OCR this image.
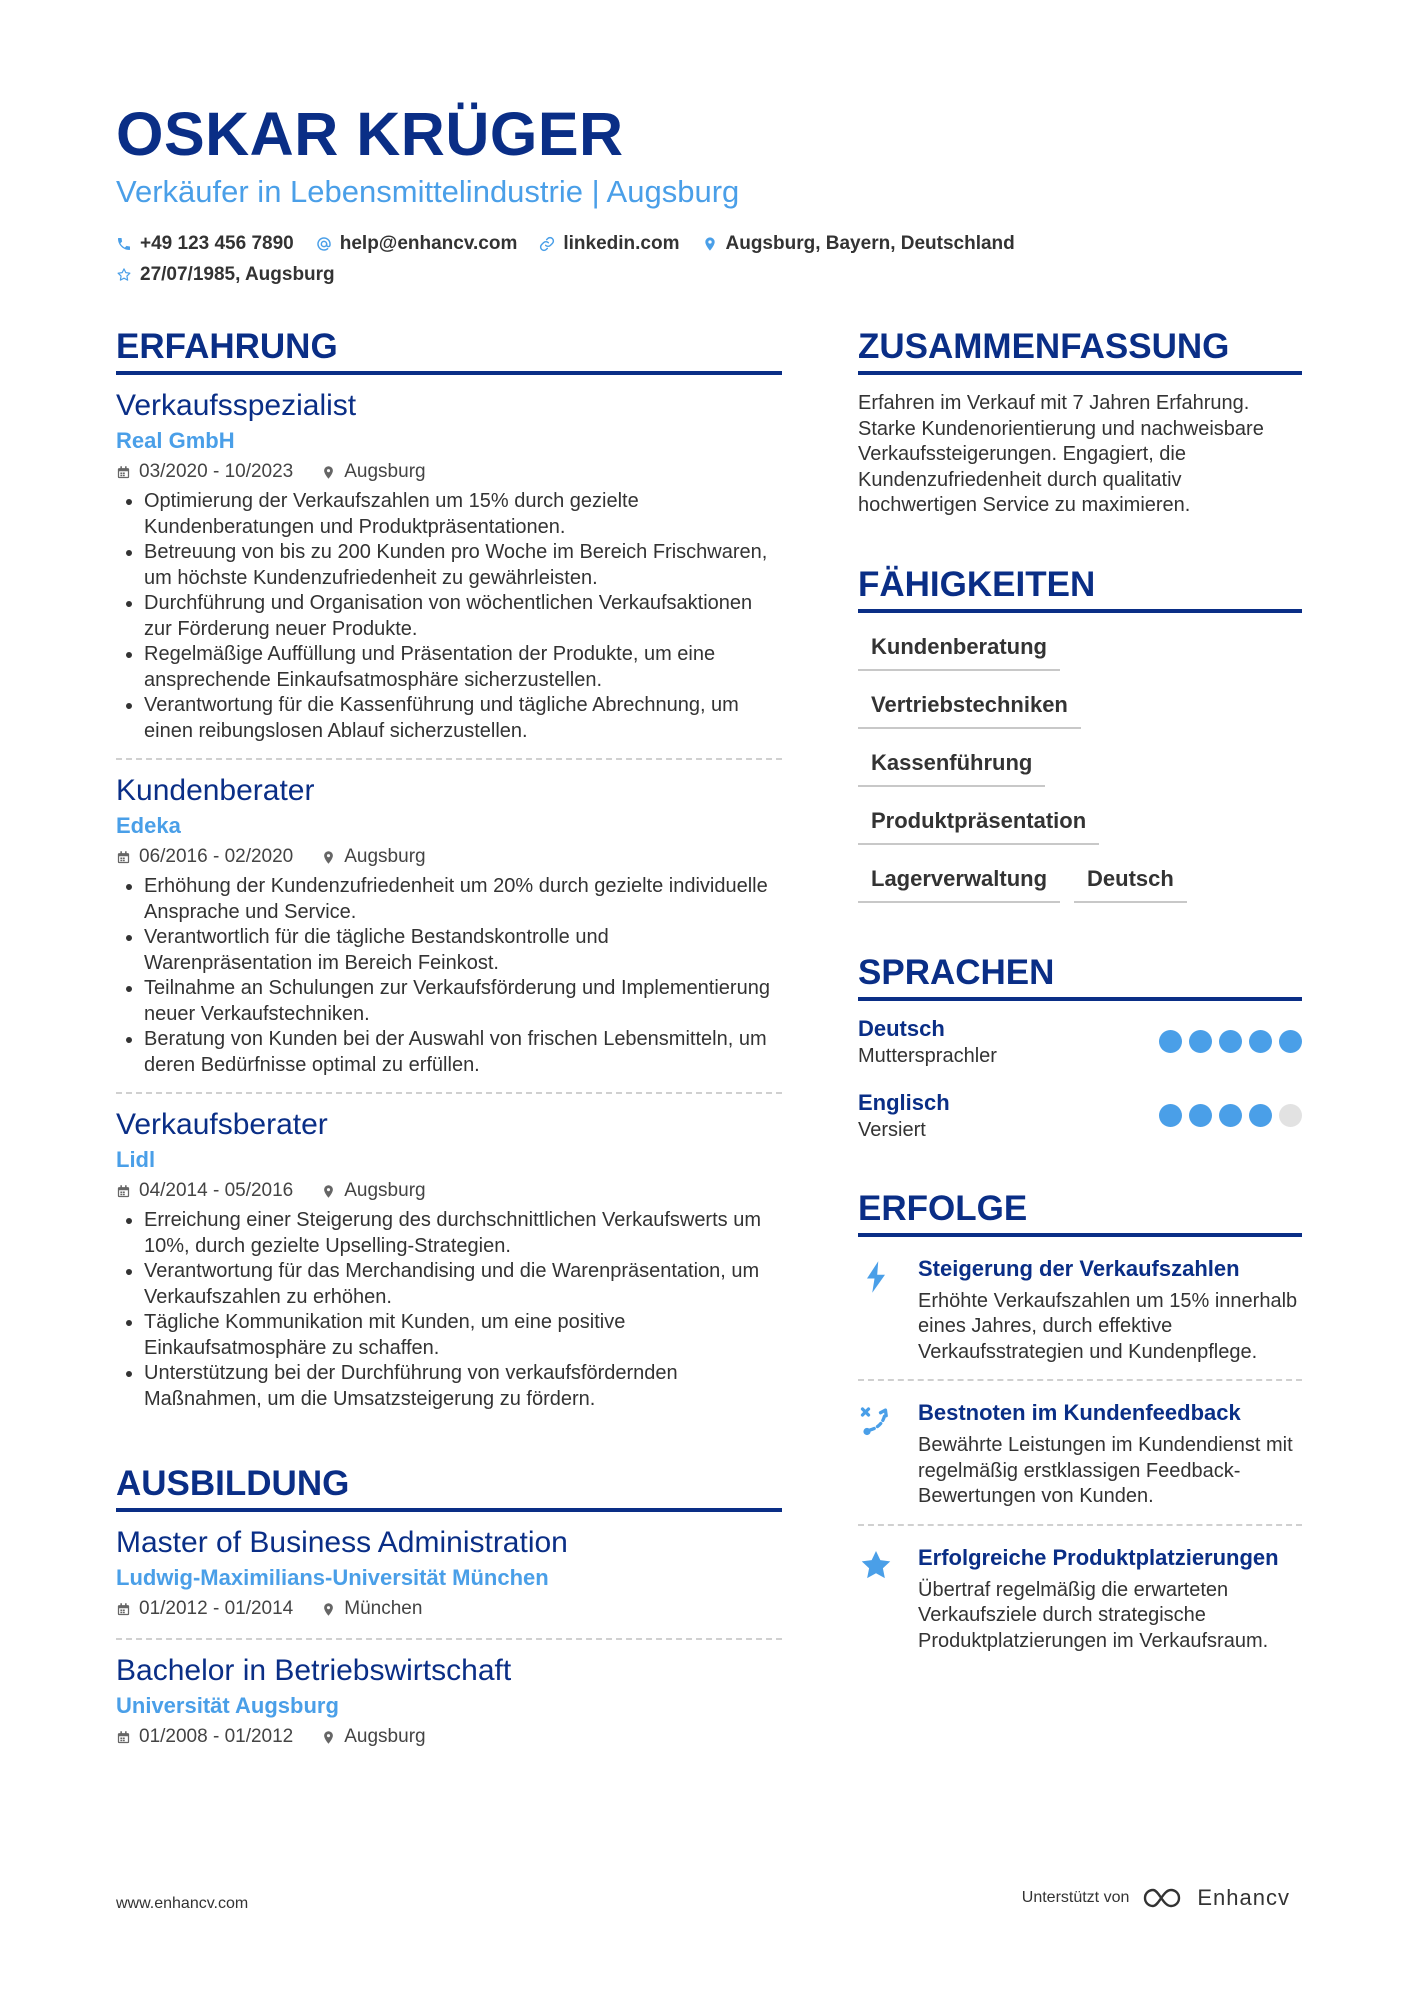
OSKAR KRÜGER
Verkäufer in Lebensmittelindustrie | Augsburg
+49 123 456 7890 help@enhancv.com linkedin.com Augsburg, Bayern, Deutschland
27/07/1985, Augsburg
ERFAHRUNG
Verkaufsspezialist
Real GmbH
03/2020 - 10/2023	Augsburg
• Optimierung der Verkaufszahlen um 15% durch gezielte Kundenberatungen und Produktpräsentationen.
• Betreuung von bis zu 200 Kunden pro Woche im Bereich Frischwaren, um höchste Kundenzufriedenheit zu gewährleisten.
• Durchführung und Organisation von wöchentlichen Verkaufsaktionen zur Förderung neuer Produkte.
• Regelmäßige Auffüllung und Präsentation der Produkte, um eine ansprechende Einkaufsatmosphäre sicherzustellen.
• Verantwortung für die Kassenführung und tägliche Abrechnung, um einen reibungslosen Ablauf sicherzustellen.
Kundenberater
Edeka
06/2016 - 02/2020	Augsburg
• Erhöhung der Kundenzufriedenheit um 20% durch gezielte individuelle Ansprache und Service.
• Verantwortlich für die tägliche Bestandskontrolle und Warenpräsentation im Bereich Feinkost.
• Teilnahme an Schulungen zur Verkaufsförderung und Implementierung neuer Verkaufstechniken.
• Beratung von Kunden bei der Auswahl von frischen Lebensmitteln, um deren Bedürfnisse optimal zu erfüllen.
Verkaufsberater
Lidl
04/2014 - 05/2016	Augsburg
• Erreichung einer Steigerung des durchschnittlichen Verkaufswerts um 10%, durch gezielte Upselling-Strategien.
• Verantwortung für das Merchandising und die Warenpräsentation, um Verkaufszahlen zu erhöhen.
• Tägliche Kommunikation mit Kunden, um eine positive Einkaufsatmosphäre zu schaffen.
• Unterstützung bei der Durchführung von verkaufsfördernden Maßnahmen, um die Umsatzsteigerung zu fördern.
AUSBILDUNG
Master of Business Administration
Ludwig-Maximilians-Universität München
01/2012 - 01/2014	München
Bachelor in Betriebswirtschaft
Universität Augsburg
01/2008 - 01/2012	Augsburg
ZUSAMMENFASSUNG

Erfahren im Verkauf mit 7 Jahren Erfahrung. Starke Kundenorientierung und nachweisbare Verkaufssteigerungen. Engagiert, die Kundenzufriedenheit durch qualitativ hochwertigen Service zu maximieren.

FÄHIGKEITEN
Kundenberatung
Vertriebstechniken
Kassenführung
Produktpräsentation
Lagerverwaltung	Deutsch
SPRACHEN
Deutsch
Muttersprachler
Englisch
Versiert
ERFOLGE
Steigerung der Verkaufszahlen
Erhöhte Verkaufszahlen um 15% innerhalb eines Jahres, durch effektive Verkaufsstrategien und Kundenpflege.
Bestnoten im Kundenfeedback
Bewährte Leistungen im Kundendienst mit regelmäßig erstklassigen Feedback-Bewertungen von Kunden.
Erfolgreiche Produktplatzierungen
Übertraf regelmäßig die erwarteten Verkaufsziele durch strategische Produktplatzierungen im Verkaufsraum.
www.enhancv.com	Unterstützt von	Enhancv
